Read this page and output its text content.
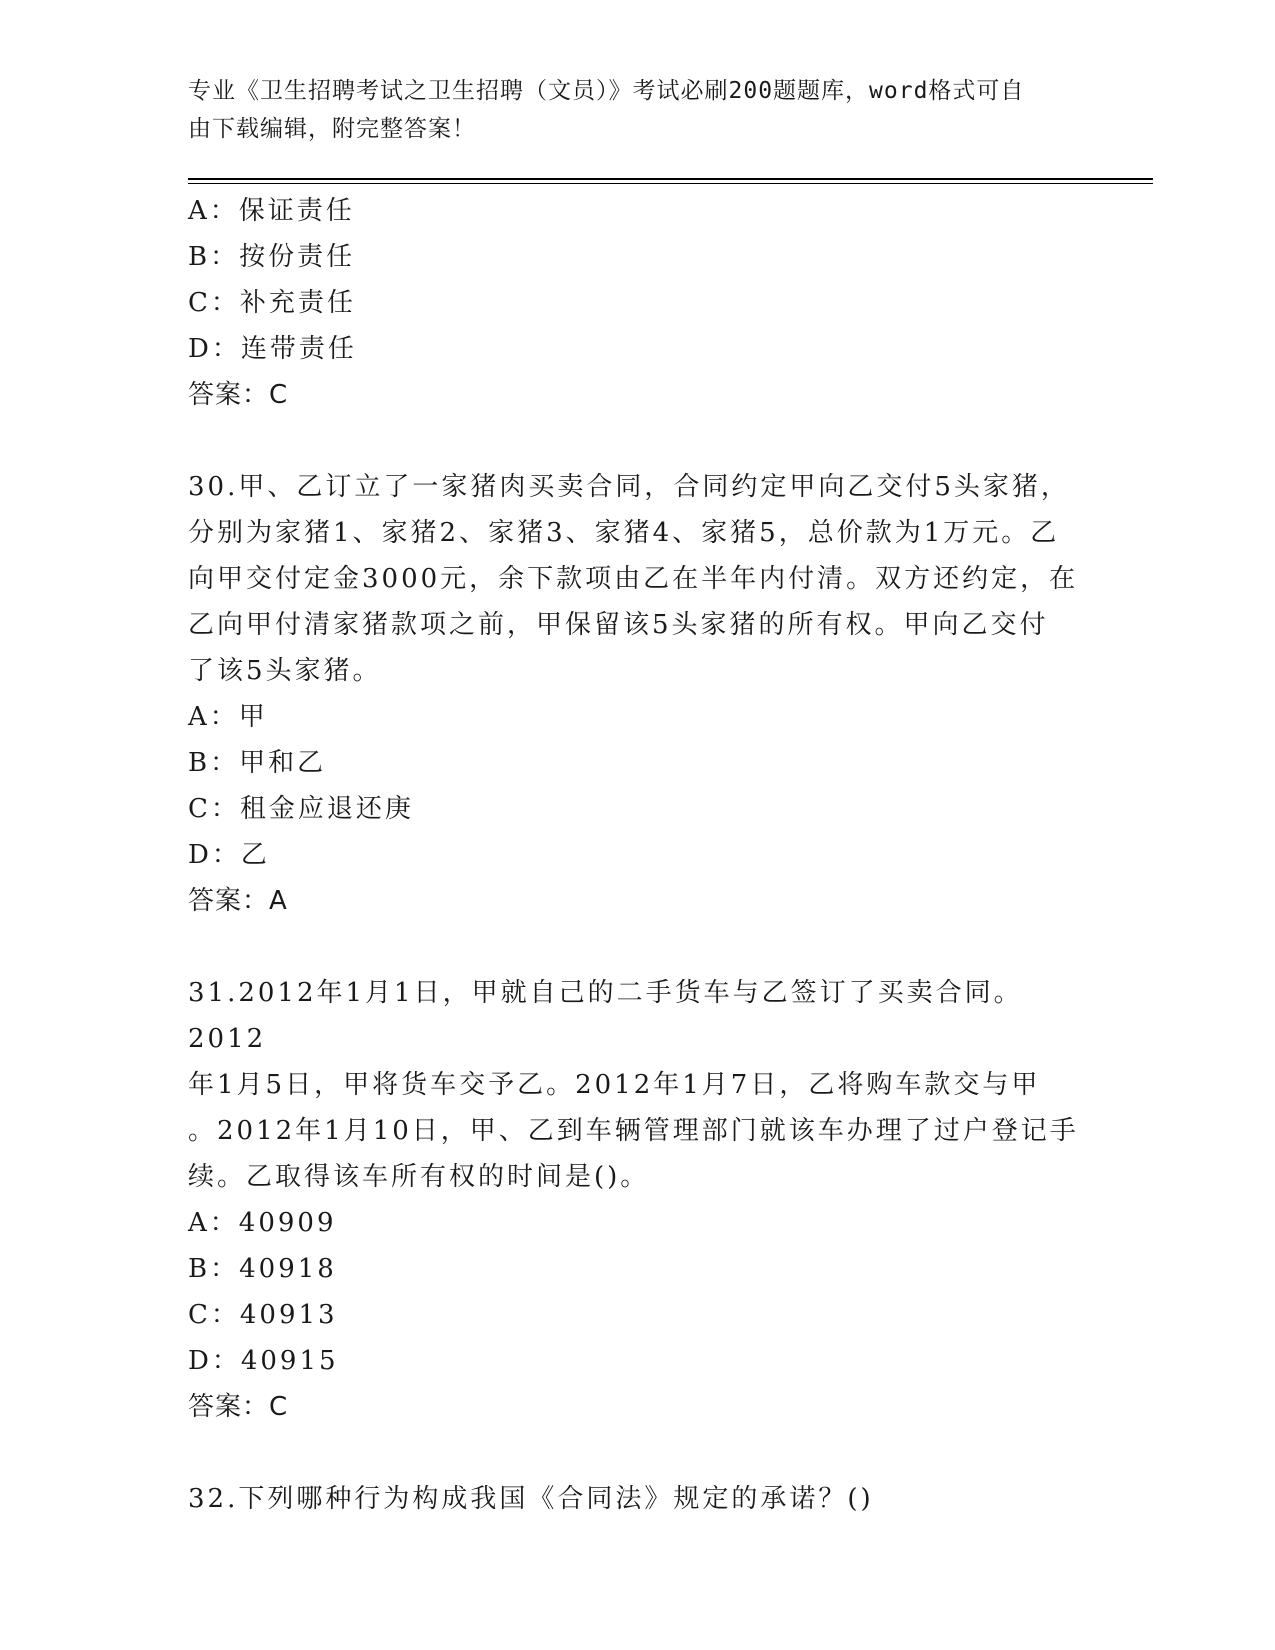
专业《卫生招聘考试之卫生招聘（文员）》考试必刷200题题库，word格式可自
由下载编辑，附完整答案！
A：保证责任
B：按份责任
C：补充责任
D：连带责任
答案：C
30.甲、乙订立了一家猪肉买卖合同，合同约定甲向乙交付5头家猪，
分别为家猪1、家猪2、家猪3、家猪4、家猪5，总价款为1万元。乙
向甲交付定金3000元，余下款项由乙在半年内付清。双方还约定，在
乙向甲付清家猪款项之前，甲保留该5头家猪的所有权。甲向乙交付
了该5头家猪。
A：甲
B：甲和乙
C：租金应退还庚
D：乙
答案：A
31.2012年1月1日，甲就自己的二手货车与乙签订了买卖合同。2012
年1月5日，甲将货车交予乙。2012年1月7日，乙将购车款交与甲
。2012年1月10日，甲、乙到车辆管理部门就该车办理了过户登记手
续。乙取得该车所有权的时间是()。
A：40909
B：40918
C：40913
D：40915
答案：C
32.下列哪种行为构成我国《合同法》规定的承诺？()
